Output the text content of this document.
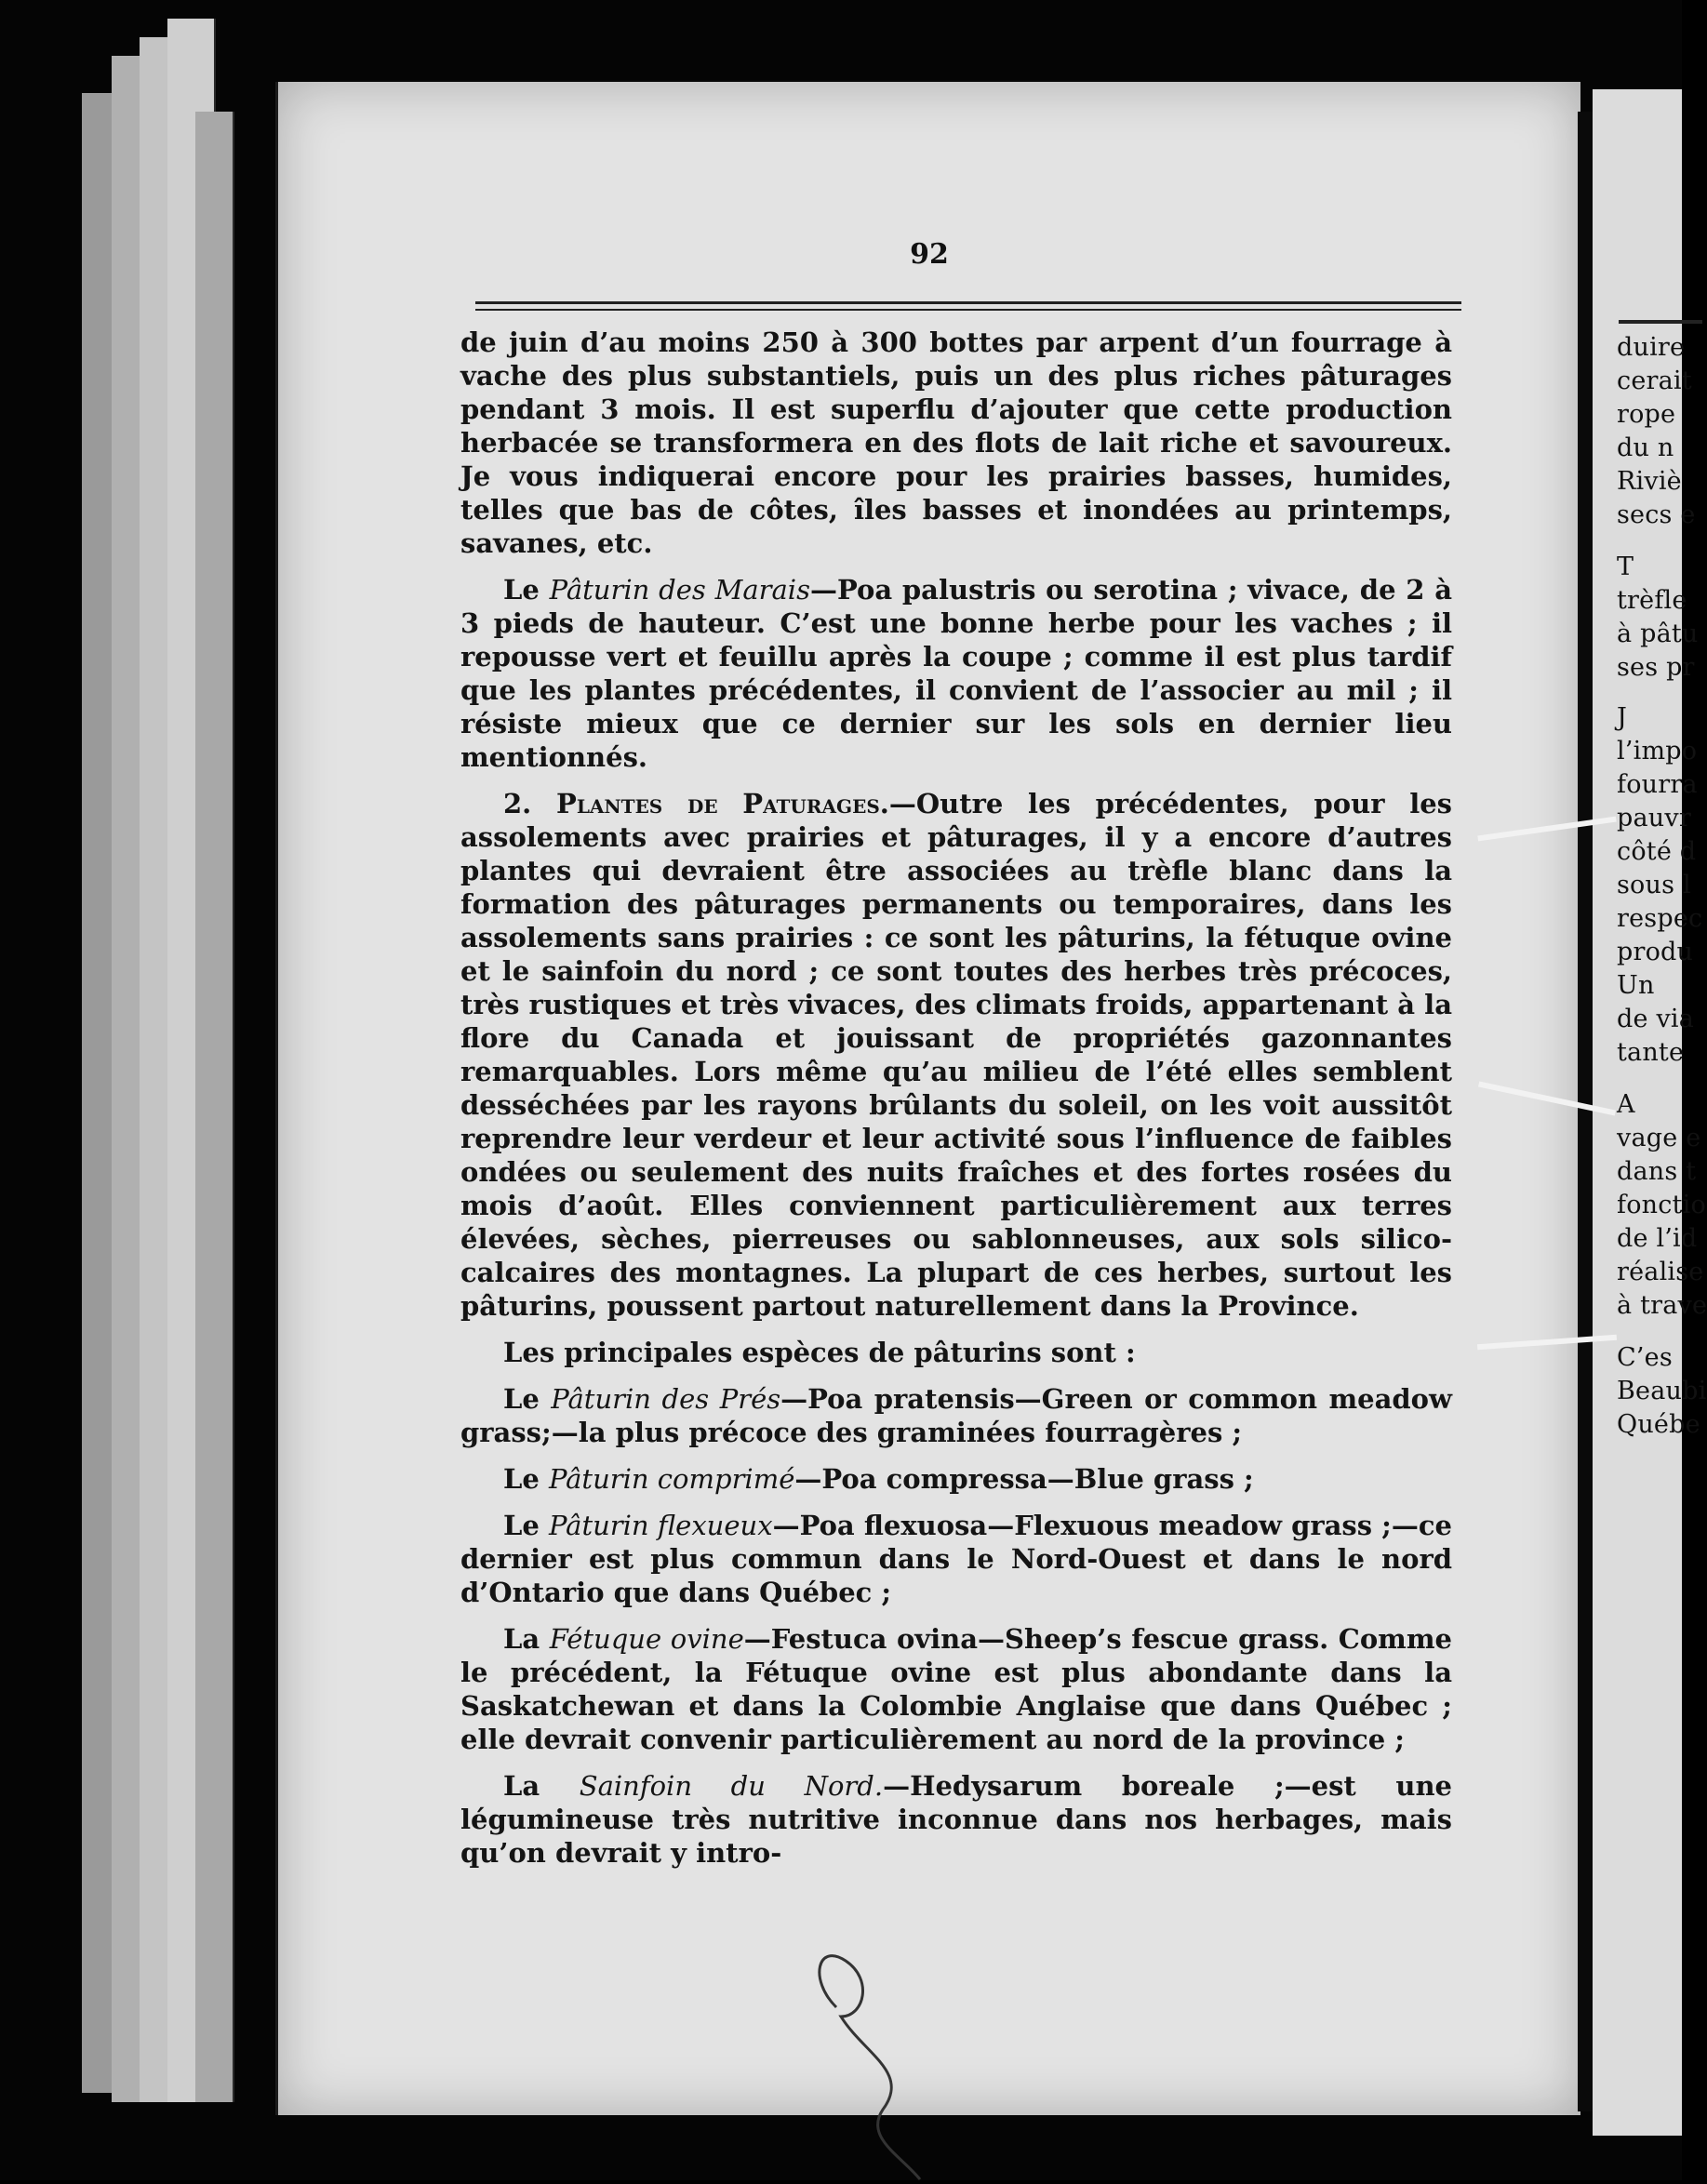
92

de juin d’au moins 250 à 300 bottes par arpent d’un fourrage à vache des plus substantiels, puis un des plus riches pâturages pendant 3 mois. Il est superflu d’ajouter que cette production herbacée se transformera en des flots de lait riche et savoureux. Je vous indiquerai encore pour les prairies basses, humides, telles que bas de côtes, îles basses et inondées au printemps, savanes, etc.

Le Pâturin des Marais—Poa palustris ou serotina ; vivace, de 2 à 3 pieds de hauteur. C’est une bonne herbe pour les vaches ; il repousse vert et feuillu après la coupe ; comme il est plus tardif que les plantes précédentes, il convient de l’associer au mil ; il résiste mieux que ce dernier sur les sols en dernier lieu mentionnés.

2. Plantes de Paturages.—Outre les précédentes, pour les assolements avec prairies et pâturages, il y a encore d’autres plantes qui devraient être associées au trèfle blanc dans la formation des pâturages permanents ou temporaires, dans les assolements sans prairies : ce sont les pâturins, la fétuque ovine et le sainfoin du nord ; ce sont toutes des herbes très précoces, très rustiques et très vivaces, des climats froids, appartenant à la flore du Canada et jouissant de propriétés gazonnantes remarquables. Lors même qu’au milieu de l’été elles semblent desséchées par les rayons brûlants du soleil, on les voit aussitôt reprendre leur verdeur et leur activité sous l’influence de faibles ondées ou seulement des nuits fraîches et des fortes rosées du mois d’août. Elles conviennent particulièrement aux terres élevées, sèches, pierreuses ou sablonneuses, aux sols silico-calcaires des montagnes. La plupart de ces herbes, surtout les pâturins, poussent partout naturellement dans la Province.

Les principales espèces de pâturins sont :

Le Pâturin des Prés—Poa pratensis—Green or common meadow grass;—la plus précoce des graminées fourragères ;

Le Pâturin comprimé—Poa compressa—Blue grass ;

Le Pâturin flexueux—Poa flexuosa—Flexuous meadow grass ;—ce dernier est plus commun dans le Nord-Ouest et dans le nord d’Ontario que dans Québec ;

La Fétuque ovine—Festuca ovina—Sheep’s fescue grass. Comme le précédent, la Fétuque ovine est plus abondante dans la Saskatchewan et dans la Colombie Anglaise que dans Québec ; elle devrait convenir particulièrement au nord de la province ;

La Sainfoin du Nord.—Hedysarum boreale ;—est une légumineuse très nutritive inconnue dans nos herbages, mais qu’on devrait y intro-

duire
cerait
rope
du n
Riviè
secs e
T
trèfle
à pâtu
ses pr
J
l’impo
fourra
pauvr
côté d
sous l
respec
produ
Un
de via
tante
A
vage e
dans t
fonctio
de l’id
réalise
à trave
C’es
Beaubi
Québe
